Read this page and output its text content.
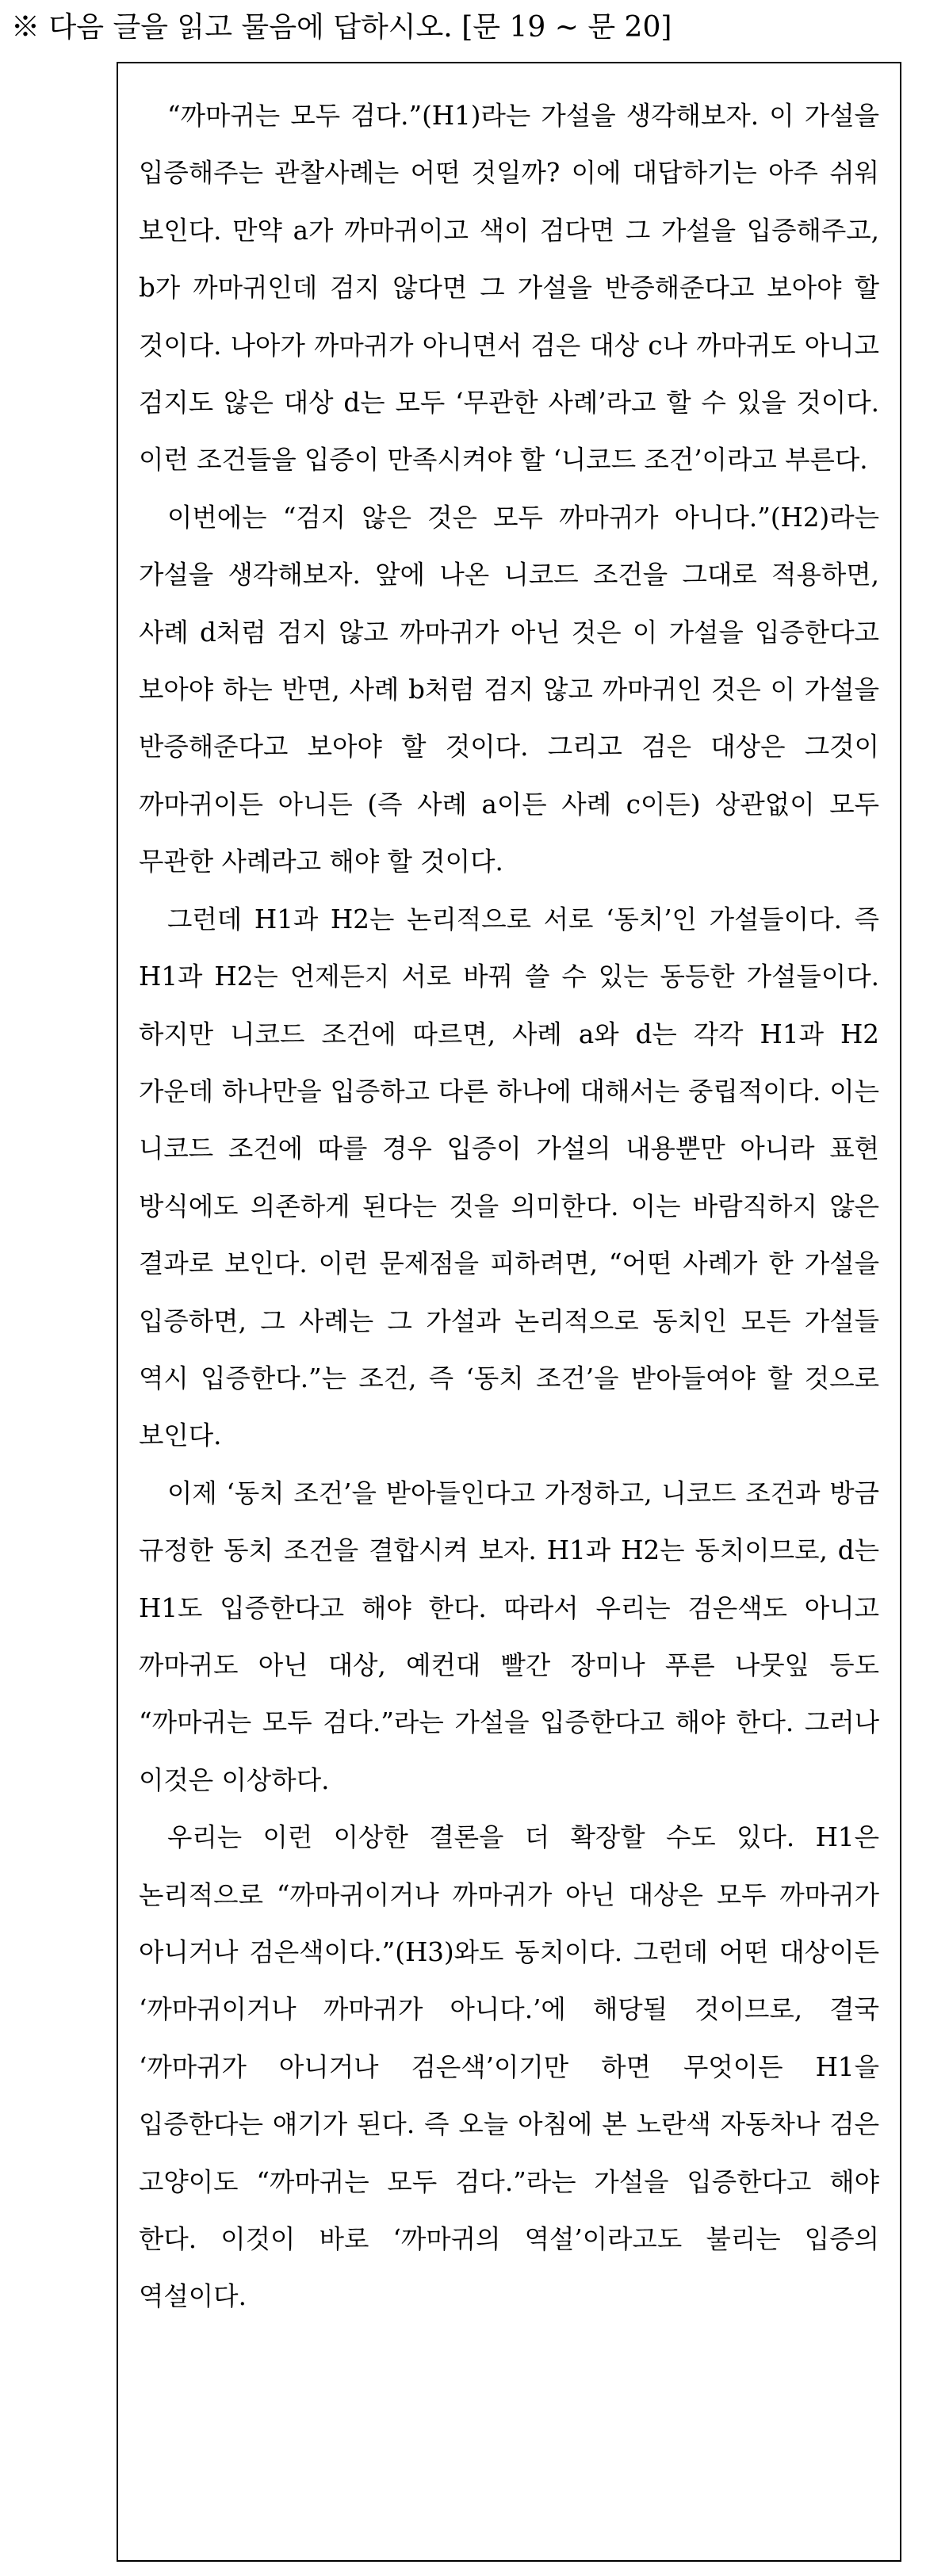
※ 다음 글을 읽고 물음에 답하시오. [문 19 ~ 문 20]

“까마귀는 모두 검다.”(H1)라는 가설을 생각해보자. 이 가설을 입증해주는 관찰사례는 어떤 것일까? 이에 대답하기는 아주 쉬워 보인다. 만약 a가 까마귀이고 색이 검다면 그 가설을 입증해주고, b가 까마귀인데 검지 않다면 그 가설을 반증해준다고 보아야 할 것이다. 나아가 까마귀가 아니면서 검은 대상 c나 까마귀도 아니고 검지도 않은 대상 d는 모두 ‘무관한 사례’라고 할 수 있을 것이다. 이런 조건들을 입증이 만족시켜야 할 ‘니코드 조건’이라고 부른다.

이번에는 “검지 않은 것은 모두 까마귀가 아니다.”(H2)라는 가설을 생각해보자. 앞에 나온 니코드 조건을 그대로 적용하면, 사례 d처럼 검지 않고 까마귀가 아닌 것은 이 가설을 입증한다고 보아야 하는 반면, 사례 b처럼 검지 않고 까마귀인 것은 이 가설을 반증해준다고 보아야 할 것이다. 그리고 검은 대상은 그것이 까마귀이든 아니든 (즉 사례 a이든 사례 c이든) 상관없이 모두 무관한 사례라고 해야 할 것이다.

그런데 H1과 H2는 논리적으로 서로 ‘동치’인 가설들이다. 즉 H1과 H2는 언제든지 서로 바꿔 쓸 수 있는 동등한 가설들이다. 하지만 니코드 조건에 따르면, 사례 a와 d는 각각 H1과 H2 가운데 하나만을 입증하고 다른 하나에 대해서는 중립적이다. 이는 니코드 조건에 따를 경우 입증이 가설의 내용뿐만 아니라 표현 방식에도 의존하게 된다는 것을 의미한다. 이는 바람직하지 않은 결과로 보인다. 이런 문제점을 피하려면, “어떤 사례가 한 가설을 입증하면, 그 사례는 그 가설과 논리적으로 동치인 모든 가설들 역시 입증한다.”는 조건, 즉 ‘동치 조건’을 받아들여야 할 것으로 보인다.

이제 ‘동치 조건’을 받아들인다고 가정하고, 니코드 조건과 방금 규정한 동치 조건을 결합시켜 보자. H1과 H2는 동치이므로, d는 H1도 입증한다고 해야 한다. 따라서 우리는 검은색도 아니고 까마귀도 아닌 대상, 예컨대 빨간 장미나 푸른 나뭇잎 등도 “까마귀는 모두 검다.”라는 가설을 입증한다고 해야 한다. 그러나 이것은 이상하다.

우리는 이런 이상한 결론을 더 확장할 수도 있다. H1은 논리적으로 “까마귀이거나 까마귀가 아닌 대상은 모두 까마귀가 아니거나 검은색이다.”(H3)와도 동치이다. 그런데 어떤 대상이든 ‘까마귀이거나 까마귀가 아니다.’에 해당될 것이므로, 결국 ‘까마귀가 아니거나 검은색’이기만 하면 무엇이든 H1을 입증한다는 얘기가 된다. 즉 오늘 아침에 본 노란색 자동차나 검은 고양이도 “까마귀는 모두 검다.”라는 가설을 입증한다고 해야 한다. 이것이 바로 ‘까마귀의 역설’이라고도 불리는 입증의 역설이다.
